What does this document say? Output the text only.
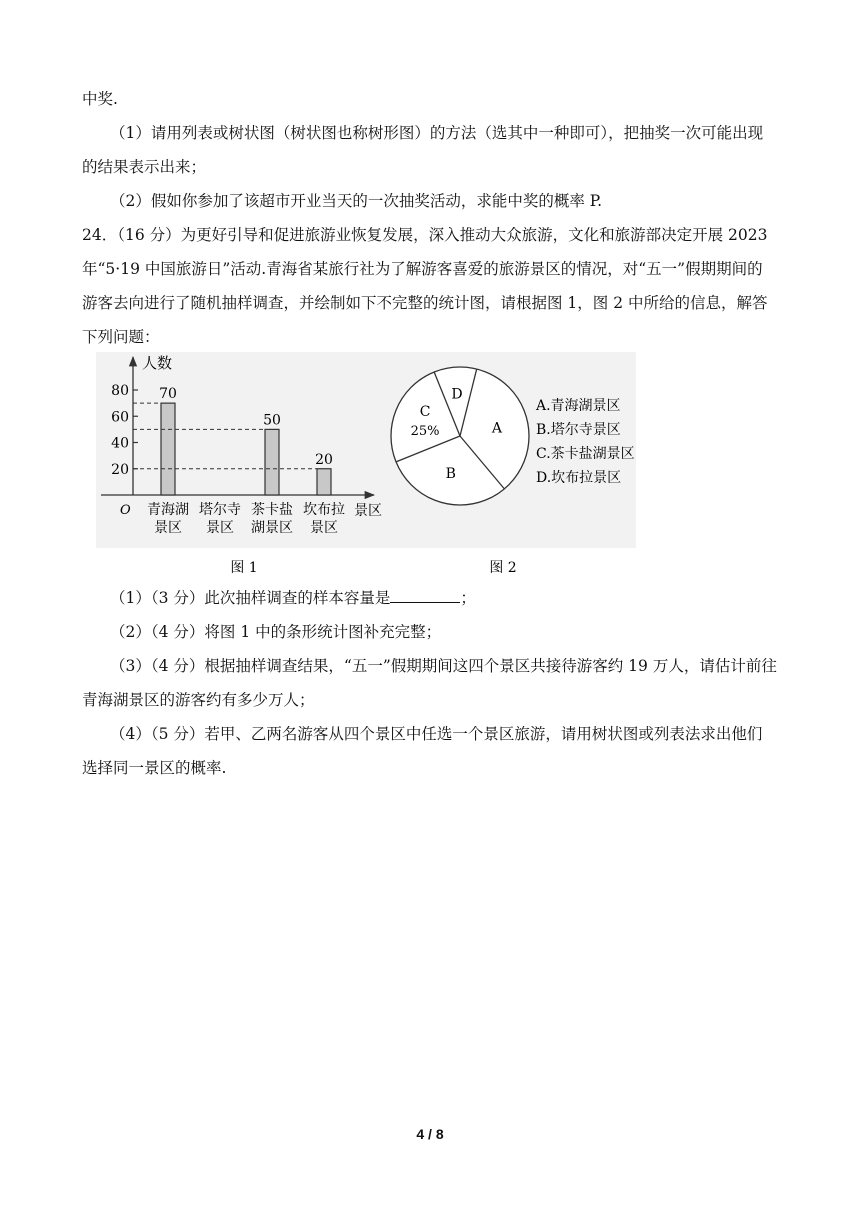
中奖.
（1）请用列表或树状图（树状图也称树形图）的方法（选其中一种即可），把抽奖一次可能出现
的结果表示出来；
（2）假如你参加了该超市开业当天的一次抽奖活动，求能中奖的概率 P.
24．（16 分）为更好引导和促进旅游业恢复发展，深入推动大众旅游，文化和旅游部决定开展 2023
年“5·19 中国旅游日”活动.青海省某旅行社为了解游客喜爱的旅游景区的情况，对“五一”假期期间的
游客去向进行了随机抽样调查，并绘制如下不完整的统计图，请根据图 1，图 2 中所给的信息，解答
下列问题：
20
40
60
80 70
青海湖
景区
塔尔寺
景区
50
茶卡盐
湖景区
20
坎布拉
景区
人数
景区
O
A
B
C
25%
D
A.青海湖景区
B.塔尔寺景区
C.茶卡盐湖景区
D.坎布拉景区
图 1	图 2
（1）（3 分）此次抽样调查的样本容量是	；
（2）（4 分）将图 1 中的条形统计图补充完整；
（3）（4 分）根据抽样调查结果，“五一”假期期间这四个景区共接待游客约 19 万人，请估计前往
青海湖景区的游客约有多少万人；
（4）（5 分）若甲、乙两名游客从四个景区中任选一个景区旅游，请用树状图或列表法求出他们
选择同一景区的概率.
4 / 8
